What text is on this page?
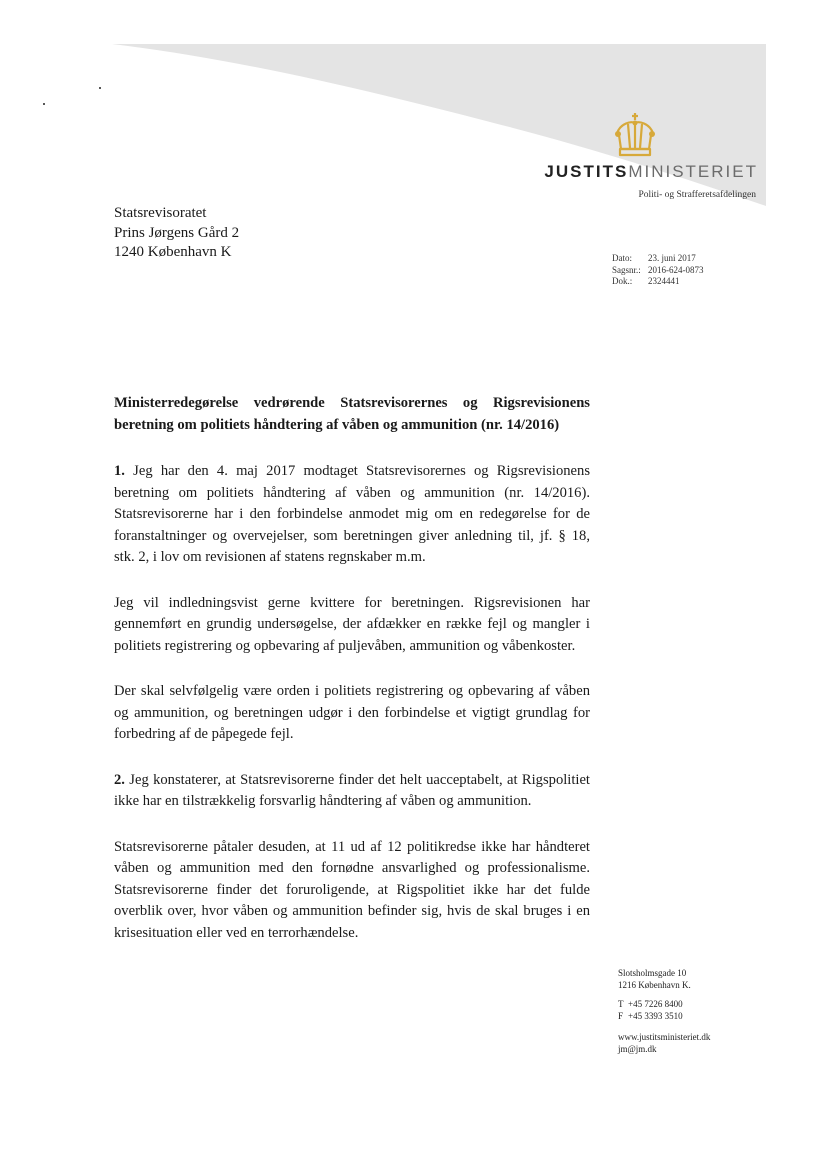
JUSTITSMINISTERIET
Politi- og Strafferetsafdelingen
Statsrevisoratet
Prins Jørgens Gård 2
1240 København K	Dato:	23. juni 2017
Sagsnr.: 2016-624-0873
Dok.:	2324441

Ministerredegørelse vedrørende Statsrevisorernes og Rigsrevisionens beretning om politiets håndtering af våben og ammunition (nr. 14/2016)

1. Jeg har den 4. maj 2017 modtaget Statsrevisorernes og Rigsrevisionens beretning om politiets håndtering af våben og ammunition (nr. 14/2016). Statsrevisorerne har i den forbindelse anmodet mig om en redegørelse for de foranstaltninger og overvejelser, som beretningen giver anledning til, jf. § 18, stk. 2, i lov om revisionen af statens regnskaber m.m.

Jeg vil indledningsvist gerne kvittere for beretningen. Rigsrevisionen har gennemført en grundig undersøgelse, der afdækker en række fejl og mangler i politiets registrering og opbevaring af puljevåben, ammunition og våbenkoster.

Der skal selvfølgelig være orden i politiets registrering og opbevaring af våben og ammunition, og beretningen udgør i den forbindelse et vigtigt grundlag for forbedring af de påpegede fejl.

2. Jeg konstaterer, at Statsrevisorerne finder det helt uacceptabelt, at Rigspolitiet ikke har en tilstrækkelig forsvarlig håndtering af våben og ammunition.

Statsrevisorerne påtaler desuden, at 11 ud af 12 politikredse ikke har håndteret våben og ammunition med den fornødne ansvarlighed og professionalisme. Statsrevisorerne finder det foruroligende, at Rigspolitiet ikke har det fulde overblik over, hvor våben og ammunition befinder sig, hvis de skal bruges i en krisesituation eller ved en terrorhændelse.

Slotsholmsgade 10
1216 København K.
T +45 7226 8400
F +45 3393 3510
www.justitsministeriet.dk
jm@jm.dk
